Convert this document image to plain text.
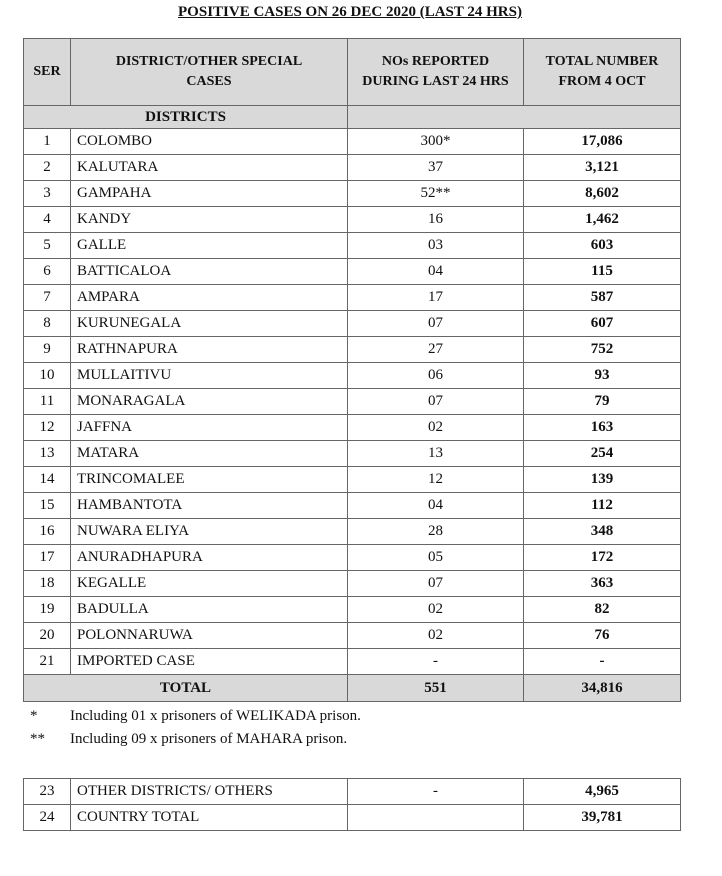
POSITIVE CASES ON 26 DEC 2020 (LAST 24 HRS)
SER	DISTRICT/OTHER SPECIAL CASES	NOs REPORTED DURING LAST 24 HRS	TOTAL NUMBER FROM 4 OCT
DISTRICTS			
1	COLOMBO	300*	17,086
2	KALUTARA	37	3,121
3	GAMPAHA	52**	8,602
4	KANDY	16	1,462
5	GALLE	03	603
6	BATTICALOA	04	115
7	AMPARA	17	587
8	KURUNEGALA	07	607
9	RATHNAPURA	27	752
10	MULLAITIVU	06	93
11	MONARAGALA	07	79
12	JAFFNA	02	163
13	MATARA	13	254
14	TRINCOMALEE	12	139
15	HAMBANTOTA	04	112
16	NUWARA ELIYA	28	348
17	ANURADHAPURA	05	172
18	KEGALLE	07	363
19	BADULLA	02	82
20	POLONNARUWA	02	76
21	IMPORTED CASE	-	-
TOTAL		551	34,816
*	Including 01 x prisoners of WELIKADA prison.
**	Including 09 x prisoners of MAHARA prison.
23	OTHER DISTRICTS/ OTHERS	-	4,965
24	COUNTRY TOTAL		39,781
